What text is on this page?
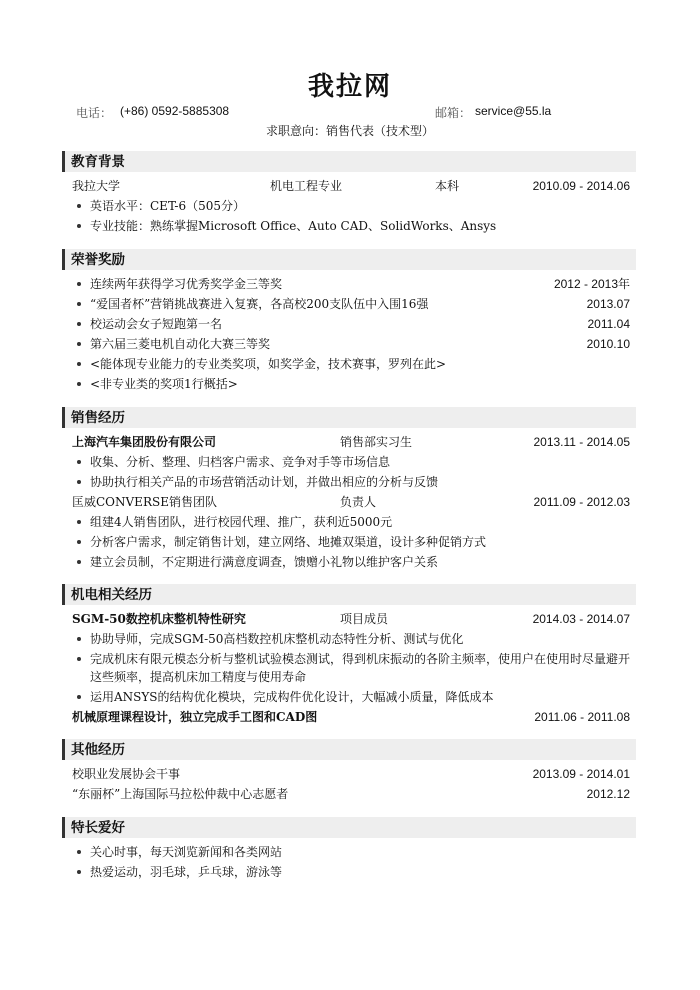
我拉网
电话： (+86) 0592-5885308	邮箱： service@55.la
求职意向：销售代表（技术型）
教育背景
我拉大学	机电工程专业	本科	2010.09 - 2014.06
英语水平：CET-6（505分）
专业技能：熟练掌握Microsoft Office、Auto CAD、SolidWorks、Ansys
荣誉奖励
连续两年获得学习优秀奖学金三等奖	2012 - 2013年
“爱国者杯”营销挑战赛进入复赛，各高校200支队伍中入围16强	2013.07
校运动会女子短跑第一名	2011.04
第六届三菱电机自动化大赛三等奖	2010.10
<能体现专业能力的专业类奖项，如奖学金，技术赛事，罗列在此>
<非专业类的奖项1行概括>
销售经历
上海汽车集团股份有限公司	销售部实习生	2013.11 - 2014.05
收集、分析、整理、归档客户需求、竞争对手等市场信息
协助执行相关产品的市场营销活动计划，并做出相应的分析与反馈
匡威CONVERSE销售团队	负责人	2011.09 - 2012.03
组建4人销售团队，进行校园代理、推广，获利近5000元
分析客户需求，制定销售计划，建立网络、地摊双渠道，设计多种促销方式
建立会员制，不定期进行满意度调查，馈赠小礼物以维护客户关系
机电相关经历
SGM-50数控机床整机特性研究	项目成员	2014.03 - 2014.07
协助导师，完成SGM-50高档数控机床整机动态特性分析、测试与优化
完成机床有限元模态分析与整机试验模态测试，得到机床振动的各阶主频率，使用户在使用时尽量避开这些频率，提高机床加工精度与使用寿命
运用ANSYS的结构优化模块，完成构件优化设计，大幅减小质量，降低成本
机械原理课程设计，独立完成手工图和CAD图	2011.06 - 2011.08
其他经历
校职业发展协会干事	2013.09 - 2014.01
“东丽杯”上海国际马拉松仲裁中心志愿者	2012.12
特长爱好
关心时事，每天浏览新闻和各类网站
热爱运动，羽毛球，乒乓球，游泳等
